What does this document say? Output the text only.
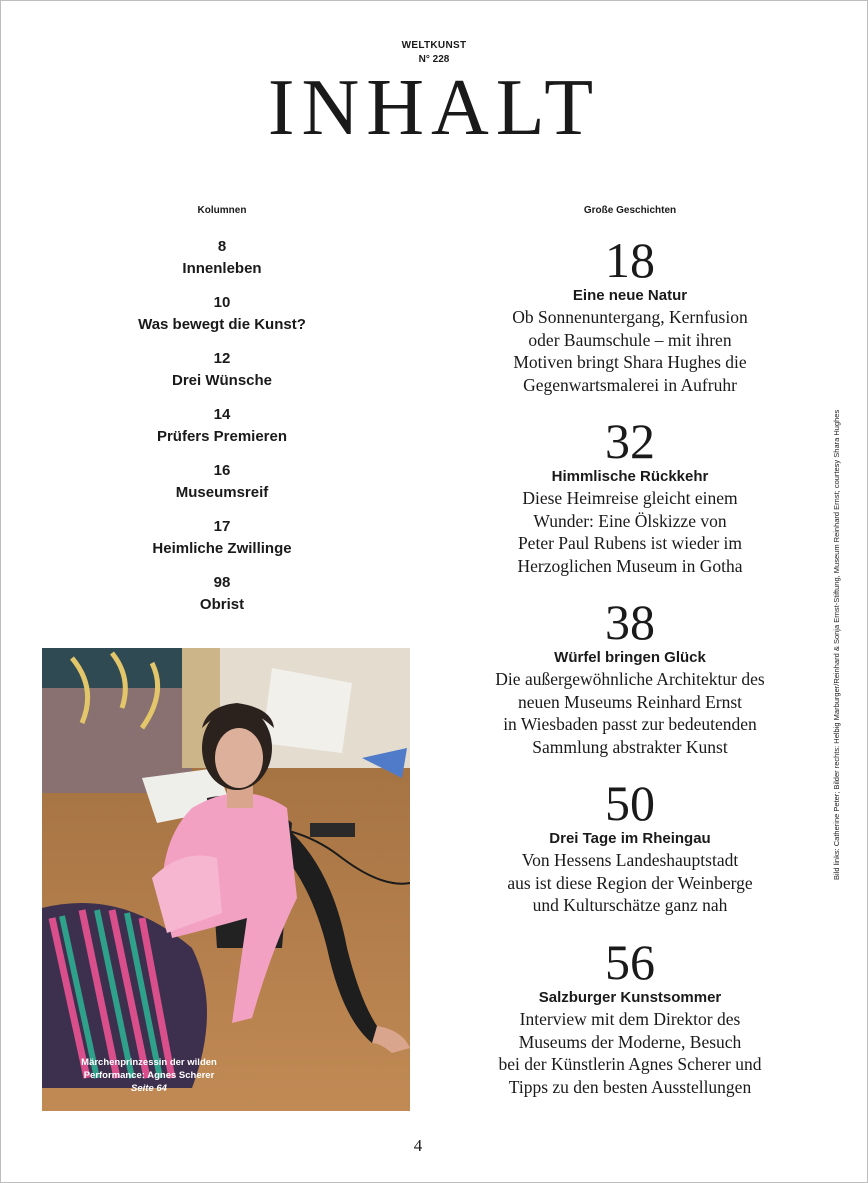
WELTKUNST
N° 228
INHALT
Kolumnen	Große Geschichten
8
Innenleben
10
Was bewegt die Kunst?
12
Drei Wünsche
14
Prüfers Premieren
16
Museumsreif
17
Heimliche Zwillinge
98
Obrist
18
Eine neue Natur
Ob Sonnenuntergang, Kernfusion
oder Baumschule – mit ihren
Motiven bringt Shara Hughes die
Gegenwartsmalerei in Aufruhr
32
Himmlische Rückkehr
Diese Heimreise gleicht einem
Wunder: Eine Ölskizze von
Peter Paul Rubens ist wieder im
Herzoglichen Museum in Gotha
38
Würfel bringen Glück
Die außergewöhnliche Architektur des
neuen Museums Reinhard Ernst
in Wiesbaden passt zur bedeutenden
Sammlung abstrakter Kunst
50
Drei Tage im Rheingau
Von Hessens Landeshauptstadt
aus ist diese Region der Weinberge
und Kulturschätze ganz nah
56
Salzburger Kunstsommer
Interview mit dem Direktor des
Museums der Moderne, Besuch
bei der Künstlerin Agnes Scherer und
Tipps zu den besten Ausstellungen
Märchenprinzessin der wilden
Performance: Agnes Scherer
Seite 64
Bild links: Catherine Peter; Bilder rechts: Helbig Marburger/Reinhard & Sonja Ernst-Stiftung, Museum Reinhard Ernst; courtesy Shara Hughes
4
